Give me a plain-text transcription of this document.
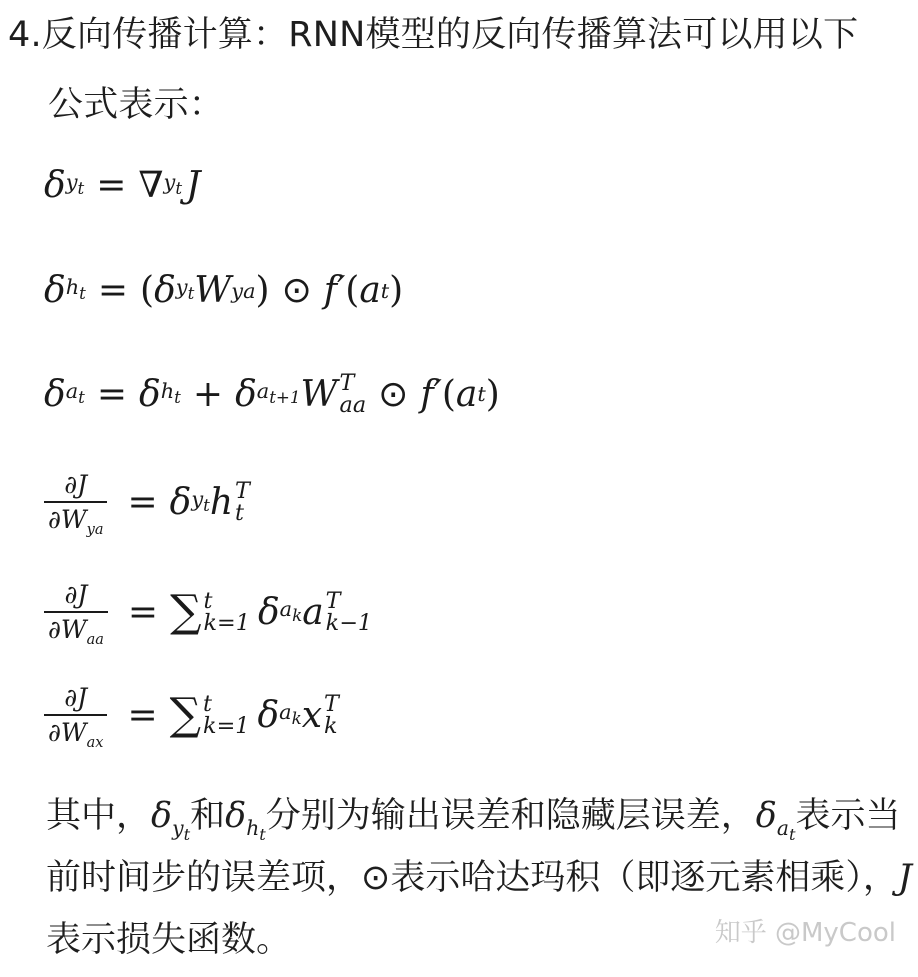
4.反向传播计算：RNN模型的反向传播算法可以用以下
公式表示：
δ $y_t$ = ∇ $y_t$ J
δ $h_t$ = ( δ $y_t$ W ya ) ⊙ f′ ( a t )
δ $a_t = \delta$ $h_t + \delta$ $a_{t+1}$ W T
aa ⊙ f′ ( a t )
$\frac{\partial J}{\partial W_{ya}} = \delta$ $y_t$ h T
t
$\frac{\partial J}{\partial W_{aa}}$ = ∑ t
k=1 δ $a_k$ a T
k−1
$\frac{\partial J}{\partial W_{ax}}$ = ∑ t
k=1 δ $a_k$ x T
k
其中，$\delta_{y_t}$和$\delta_{h_t}$分别为输出误差和隐藏层误差，$\delta_{a_t}$表示当前时间步的误差项，⊙表示哈达玛积（即逐元素相乘），J表示损失函数。	知乎 @MyCool
